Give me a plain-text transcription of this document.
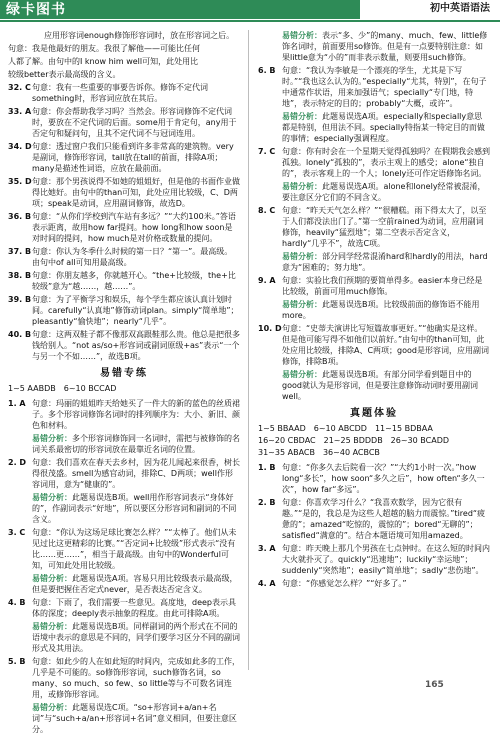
绿卡图书	初中英语语法
应用形容词enough修饰形容词时，放在形容词之后。
句意：我是他最好的朋友。我很了解他——可能比任何
人都了解。由句中的I know him well可知，此处用比
较级better表示最高级的含义。
32. C 句意：我有一些重要的事要告诉你。修饰不定代词something时，形容词应放在其后。
33. A 句意：你会帮助我学习吗？当然会。形容词修饰不定代词时，要放在不定代词的后面。some用于肯定句，any用于否定句和疑问句，且其不定代词不与冠词连用。
34. D 句意：透过窗户我们只能看到许多非常高的建筑物。very是副词，修饰形容词，tall放在tall的前面，排除A项；many是描述性词语，应放在最前面。
35. D 句意：那个男孩说得不如她的姐姐好，但是他的书面作业做得比她好。由句中的than可知，此处应用比较级，C、D两项；speak是动词，应用副词修饰，故选D。
36. B 句意：“从你们学校到汽车站有多远？”“大约100米。”答语表示距离，故用how far提问。how long和how soon是对时间的提问，how much是对价格或数量的提问。
37. B 句意：你认为冬季什么时候的第一日？“第一”。最高级。由句中of all可知用最高级。
38. B 句意：你朋友越多，你就越开心。“the+比较级，the+比较级”意为“越……，越……”。
39. B 句意：为了平衡学习和娱乐，每个学生都应该认真计划时间。carefully“认真地”修饰动词plan。simply“简单地”；pleasantly“愉快地”；nearly“几乎”。
40. B 句意：这两双鞋子都不像那双高跟鞋那么贵。他总是把很多钱给别人。“not as/so+形容词或副词原级+as”表示“一个与另一个不如……”，故选B项。
易错专练
1~5 AABDB　6~10 BCCAD
1. A 句意：玛丽的姐姐昨天给她买了一件大的新的蓝色的丝质裙子。多个形容词修饰名词时的排列顺序为：大小、新旧、颜色和材料。
易错分析：多个形容词修饰同一名词时，需把与被修饰的名词关系最密切的形容词放在最靠近名词的位置。
2. D 句意：我们喜欢在春天去乡村，因为花儿闻起来很香，树长得很茂盛。smell为感官动词，排除C、D两项；well作形容词用，意为“健康的”。
易错分析：此题易误选B项。well用作形容词表示“身体好的”，作副词表示“好地”，所以要区分形容词和副词的不同含义。
3. C 句意：“你认为这场足球比赛怎么样？”“太棒了。他们从未见过比这更精彩的比赛。”“否定词+比较级”形式表示“没有比……更……”，相当于最高级。由句中的Wonderful可知，可知此处用比较级。
易错分析：此题易误选A项。容易只用比较级表示最高级，但是要把握住否定式never，是否表达否定含义。
4. B 句意：下雨了，我们需要一些意见。高度地，deep表示具体的深度；deeply表示抽象的程度。由此可排除A项。
易错分析：此题易误选B项。同样副词的两个形式在不同的语境中表示的意思是不同的，同学们要学习区分不同的副词形式及其用法。
5. B 句意：如此少的人在如此短的时间内，完成如此多的工作，几乎是不可能的。so修饰形容词，such修饰名词，so many、so much、so few、so little等与不可数名词连用，或修饰形容词。
易错分析：此题易误选C项。“so+形容词+a/an+名词”与“such+a/an+形容词+名词”意义相同，但要注意区分。
易错分析：表示“多、少”的many、much、few、little修饰名词时，前面要用so修饰。但是有一点要特别注意：如果little意为“小的”而非表示数量，则要用such修饰。
6. B 句意：“我认为李敏是一个漂亮的学生，尤其是下写时。”“我也这么认为的。”especially“尤其，特别”，在句子中通常作状语，用来加强语气；specially“专门地，特地”，表示特定的目的；probably“大概，或许”。
易错分析：此题易误选A项。especially和specially意思都是特别，但用法不同。specially特指某一特定目的而做的事情；especially强调程度。
7. C 句意：你有时会在一个星期天觉得孤独吗？在假期我会感到孤独。lonely“孤独的”，表示主观上的感受；alone“独自的”，表示客观上的一个人；lonely还可作定语修饰名词。
易错分析：此题易误选A项。alone和lonely经常被混淆，要注意区分它们的不同含义。
8. C 句意：“昨天天气怎么样？”“很糟糕。雨下得太大了，以至于人们都没法出门了。”第一空前rained为动词，应用副词修饰，heavily“猛烈地”；第二空表示否定含义，hardly“几乎不”，故选C项。
易错分析：部分同学经常混淆hard和hardly的用法，hard意为“困难的；努力地”。
9. A 句意：实验比我们预期的要简单得多。easier本身已经是比较级，前面可用much修饰。
易错分析：此题易误选B项。比较级前面的修饰语不能用more。
10. D 句意：“史蒂夫演讲比写短篇故事更好。”“他确实是这样。但是他可能写得不如他们以前好。”由句中的than可知，此处应用比较级，排除A、C两项；good是形容词，应用副词修饰，排除B项。
易错分析：此题易误选B项。有部分同学看到题目中的good就认为是形容词，但是要注意修饰动词时要用副词well。
真题体验
1~5 BBAAD　6~10 ABCDD　11~15 BDBAA
16~20 CBDAC　21~25 BDDDB　26~30 BCADD
31~35 ABACB　36~40 ACBCB
1. B 句意：“你多久去后院看一次？”“大约1小时一次。”how long“多长”，how soon“多久之后”，how often“多久一次”，how far“多远”。
2. B 句意：你喜欢学习什么？“我喜欢数学，因为它很有趣。”“是的，我总是为这些人超越的脑力而震惊。”tired“疲惫的”；amazed“吃惊的，震惊的”；bored“无聊的”；satisfied“满意的”。结合本题语境可知用amazed。
3. A 句意：昨天晚上那几个男孩在七点钟时。在这么短的时间内大火就扑灭了。quickly“迅速地”；luckily“幸运地”；suddenly“突然地”；easily“简单地”；sadly“悲伤地”。
4. A 句意：“你感觉怎么样？”“好多了。”
165
